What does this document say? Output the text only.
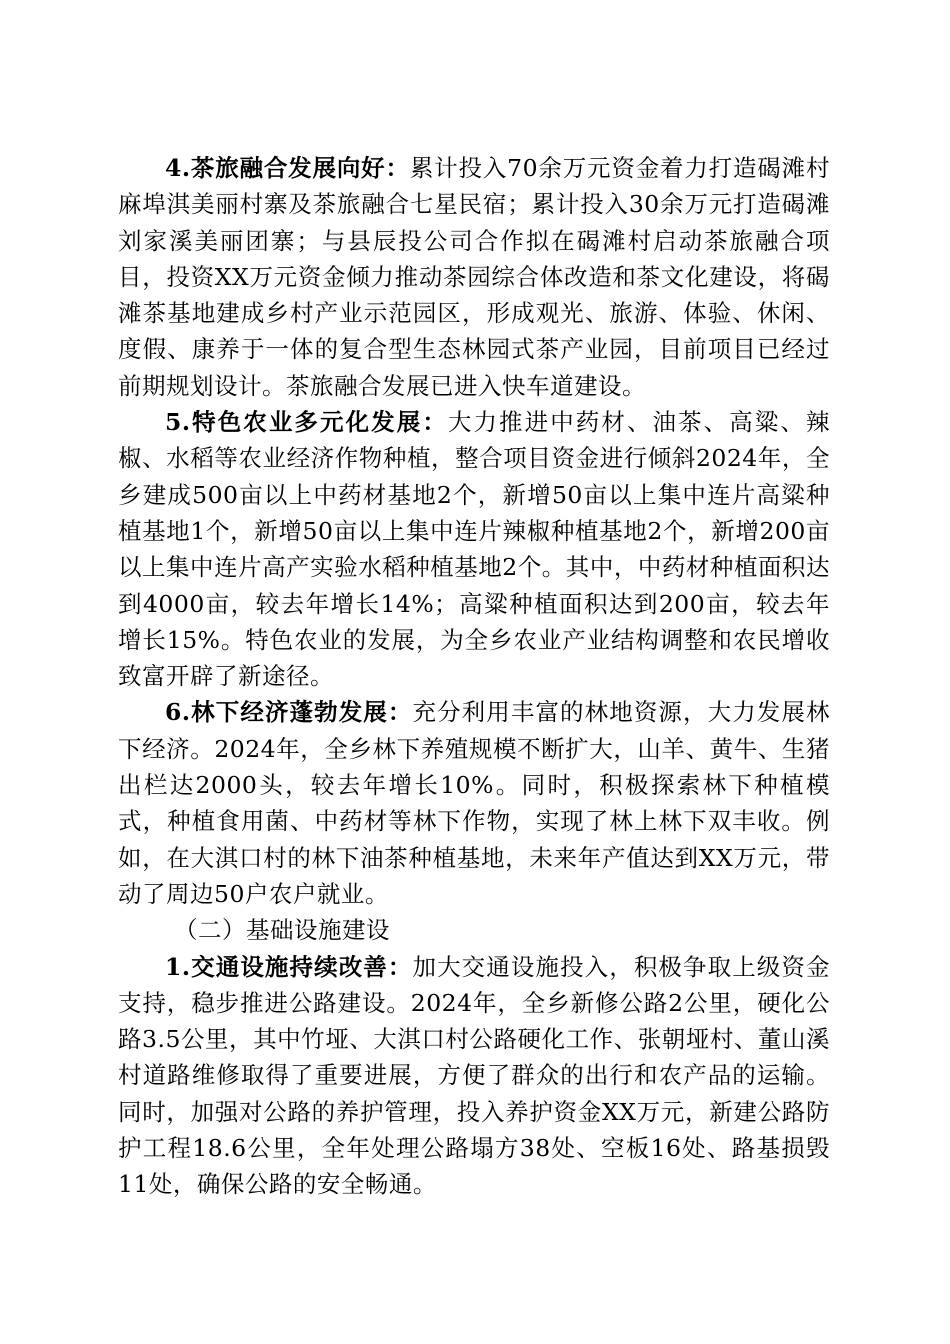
4.茶旅融合发展向好：累计投入70余万元资金着力打造碣滩村麻埠淇美丽村寨及茶旅融合七星民宿；累计投入30余万元打造碣滩刘家溪美丽团寨；与县辰投公司合作拟在碣滩村启动茶旅融合项目，投资XX万元资金倾力推动茶园综合体改造和茶文化建设，将碣滩茶基地建成乡村产业示范园区，形成观光、旅游、体验、休闲、度假、康养于一体的复合型生态林园式茶产业园，目前项目已经过前期规划设计。茶旅融合发展已进入快车道建设。

5.特色农业多元化发展：大力推进中药材、油茶、高粱、辣椒、水稻等农业经济作物种植，整合项目资金进行倾斜2024年，全乡建成500亩以上中药材基地2个，新增50亩以上集中连片高粱种植基地1个，新增50亩以上集中连片辣椒种植基地2个，新增200亩以上集中连片高产实验水稻种植基地2个。其中，中药材种植面积达到4000亩，较去年增长14%；高粱种植面积达到200亩，较去年增长15%。特色农业的发展，为全乡农业产业结构调整和农民增收致富开辟了新途径。

6.林下经济蓬勃发展：充分利用丰富的林地资源，大力发展林下经济。2024年，全乡林下养殖规模不断扩大，山羊、黄牛、生猪出栏达2000头，较去年增长10%。同时，积极探索林下种植模式，种植食用菌、中药材等林下作物，实现了林上林下双丰收。例如，在大淇口村的林下油茶种植基地，未来年产值达到XX万元，带动了周边50户农户就业。

（二）基础设施建设

1.交通设施持续改善：加大交通设施投入，积极争取上级资金支持，稳步推进公路建设。2024年，全乡新修公路2公里，硬化公路3.5公里，其中竹垭、大淇口村公路硬化工作、张朝垭村、董山溪村道路维修取得了重要进展，方便了群众的出行和农产品的运输。同时，加强对公路的养护管理，投入养护资金XX万元，新建公路防护工程18.6公里，全年处理公路塌方38处、空板16处、路基损毁11处，确保公路的安全畅通。
